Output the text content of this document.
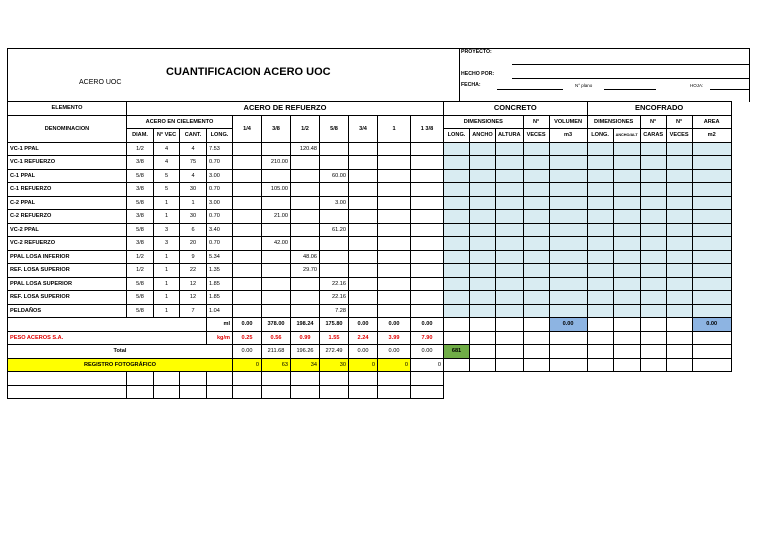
CUANTIFICACION ACERO UOC
ACERO UOC
PROYECTO:
HECHO POR:
FECHA:	N° plano	HOJA:
ELEMENTO	ACERO DE REFUERZO											CONCRETO					ENCOFRADO				
DENOMINACION	ACERO EN CIELEMENTO				1/4	3/8	1/2	5/8	3/4	1	1 3/8	DIMENSIONES			N°	VOLUMEN	DIMENSIONES		N°	N°	AREA
	DIAM.	N° VEC	CANT.	LONG.								LONG.	ANCHO	ALTURA	VECES	m3	LONG.	ANCHO/ALT	CARAS	VECES	m2
VC-1 PPAL	1/2	4	4	7.53			120.48														
VC-1 REFUERZO	3/8	4	75	0.70		210.00															
C-1 PPAL	5/8	5	4	3.00				60.00													
C-1 REFUERZO	3/8	5	30	0.70		105.00															
C-2 PPAL	5/8	1	1	3.00				3.00													
C-2 REFUERZO	3/8	1	30	0.70		21.00															
VC-2 PPAL	5/8	3	6	3.40				61.20													
VC-2 REFUERZO	3/8	3	20	0.70		42.00															
PPAL LOSA INFERIOR	1/2	1	9	5.34			48.06														
REF. LOSA SUPERIOR	1/2	1	22	1.35			29.70														
PPAL LOSA SUPERIOR	5/8	1	12	1.85				22.16													
REF. LOSA SUPERIOR	5/8	1	12	1.85				22.16													
PELDAÑOS	5/8	1	7	1.04				7.28													
				ml	0.00	378.00	198.24	175.80	0.00	0.00	0.00					0.00					0.00
PESO ACEROS S.A.				kg/m	0.25	0.56	0.99	1.55	2.24	3.99	7.90										
Total					0.00	211.68	196.26	272.49	0.00	0.00	0.00	681									
REGISTRO FOTOGRÁFICO					0	63	34	30	0	0	0										
